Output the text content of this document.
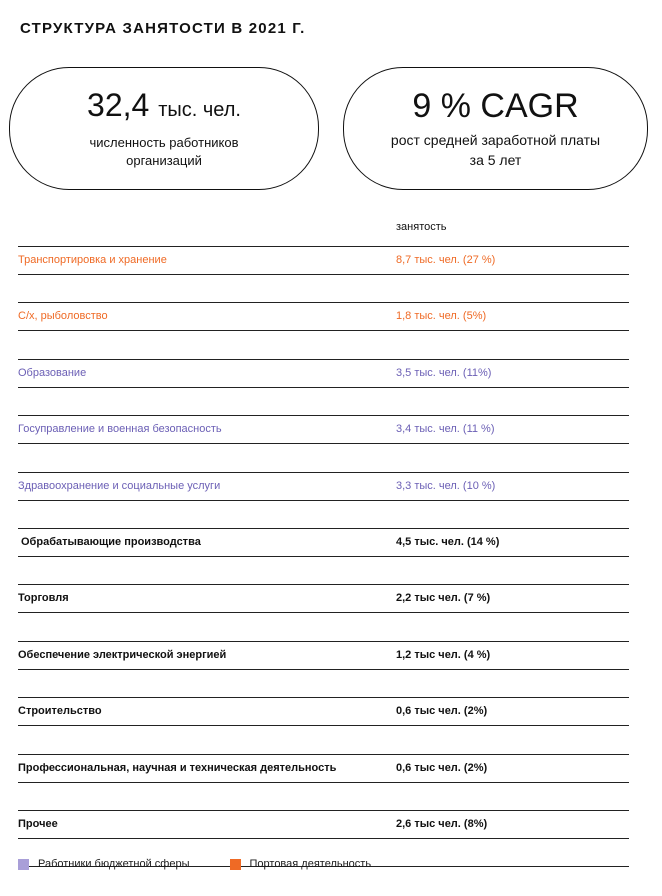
СТРУКТУРА ЗАНЯТОСТИ В 2021 Г.
32,4 тыс. чел.
численность работников
организаций
9 % CAGR
рост средней заработной платы
за 5 лет
занятость
Транспортировка и хранение	8,7 тыс. чел. (27 %)
С/х, рыболовство	1,8 тыс. чел. (5%)
Образование	3,5 тыс. чел. (11%)
Госуправление и военная безопасность	3,4 тыс. чел. (11 %)
Здравоохранение и социальные услуги	3,3 тыс. чел. (10 %)
Обрабатывающие производства	4,5 тыс. чел. (14 %)
Торговля	2,2 тыс чел. (7 %)
Обеспечение электрической энергией	1,2 тыс чел. (4 %)
Строительство	0,6 тыс чел. (2%)
Профессиональная, научная и техническая деятельность	0,6 тыс чел. (2%)
Прочее	2,6 тыс чел. (8%)
Работники бюджетной сферы	Портовая деятельность
